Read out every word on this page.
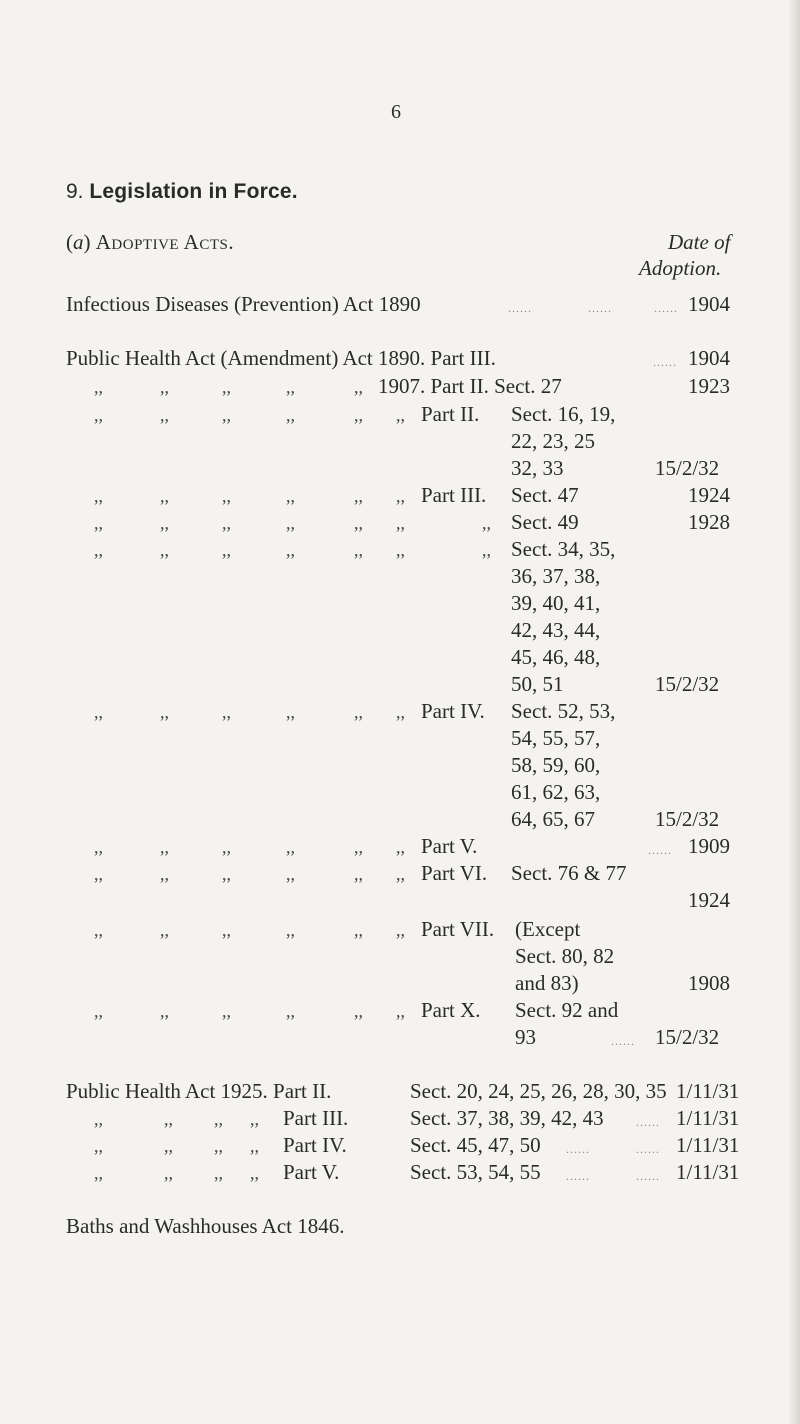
6
9. Legislation in Force.
(a) Adoptive Acts.	Date of
Adoption.
Infectious Diseases (Prevention) Act 1890	......	......	...... 1904
Public Health Act (Amendment) Act 1890. Part III.	...... 1904
,,	,,	,,	,,	,, 1907. Part II. Sect. 27	1923
,,	,,	,,	,,	,, ,, Part II. Sect. 16, 19,
22, 23, 25
32, 33	15/2/32
,,	,,	,,	,,	,, ,, Part III. Sect. 47	1924
,,	,,	,,	,,	,, ,,	,, Sect. 49	1928
,,	,,	,,	,,	,, ,,	,, Sect. 34, 35,
36, 37, 38,
39, 40, 41,
42, 43, 44,
45, 46, 48,
50, 51	15/2/32
,,	,,	,,	,,	,, ,, Part IV. Sect. 52, 53,
54, 55, 57,
58, 59, 60,
61, 62, 63,
64, 65, 67	15/2/32
,,	,,	,,	,,	,, ,, Part V.	...... 1909
,,	,,	,,	,,	,, ,, Part VI. Sect. 76 & 77
1924
,,	,,	,,	,,	,, ,, Part VII. (Except
Sect. 80, 82
and 83)	1908
,,	,,	,,	,,	,, ,, Part X. Sect. 92 and
93	...... 15/2/32
Public Health Act 1925. Part II.	Sect. 20, 24, 25, 26, 28, 30, 35 1/11/31
,,	,, ,, ,, Part III.	Sect. 37, 38, 39, 42, 43	...... 1/11/31
,,	,, ,, ,, Part IV.	Sect. 45, 47, 50 ......	...... 1/11/31
,,	,, ,, ,, Part V.	Sect. 53, 54, 55 ......	...... 1/11/31
Baths and Washhouses Act 1846.
